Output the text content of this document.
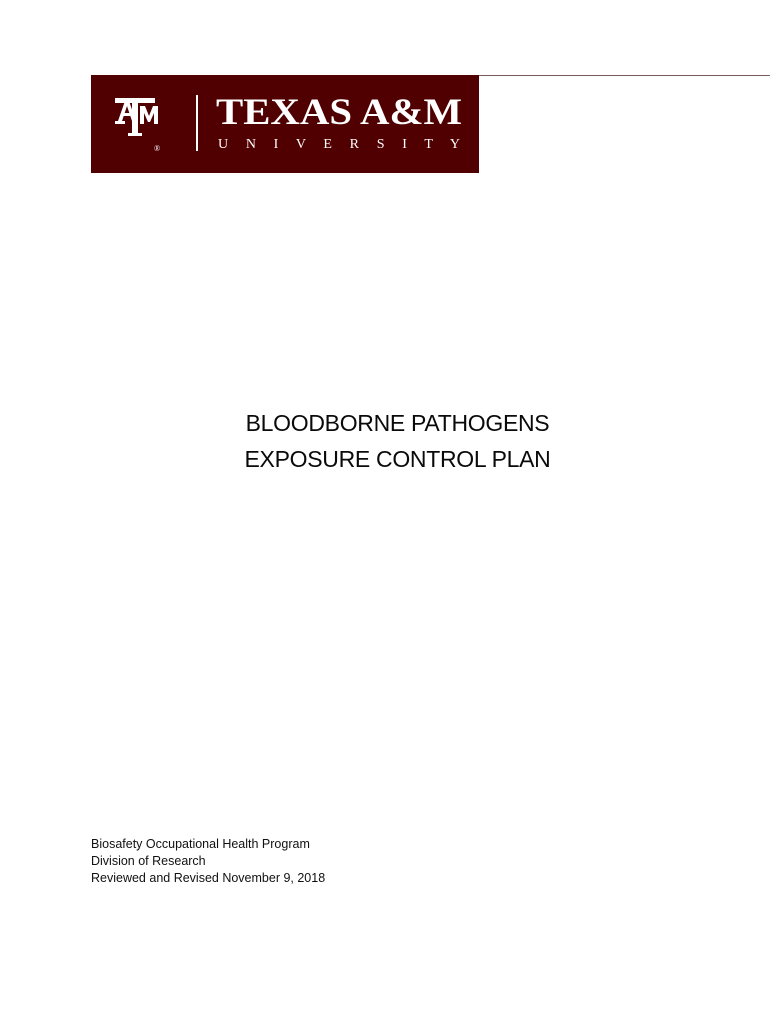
®
TEXAS A&M
U N I V E R S I T Y
BLOODBORNE PATHOGENS
EXPOSURE CONTROL PLAN
Biosafety Occupational Health Program
Division of Research
Reviewed and Revised November 9, 2018
